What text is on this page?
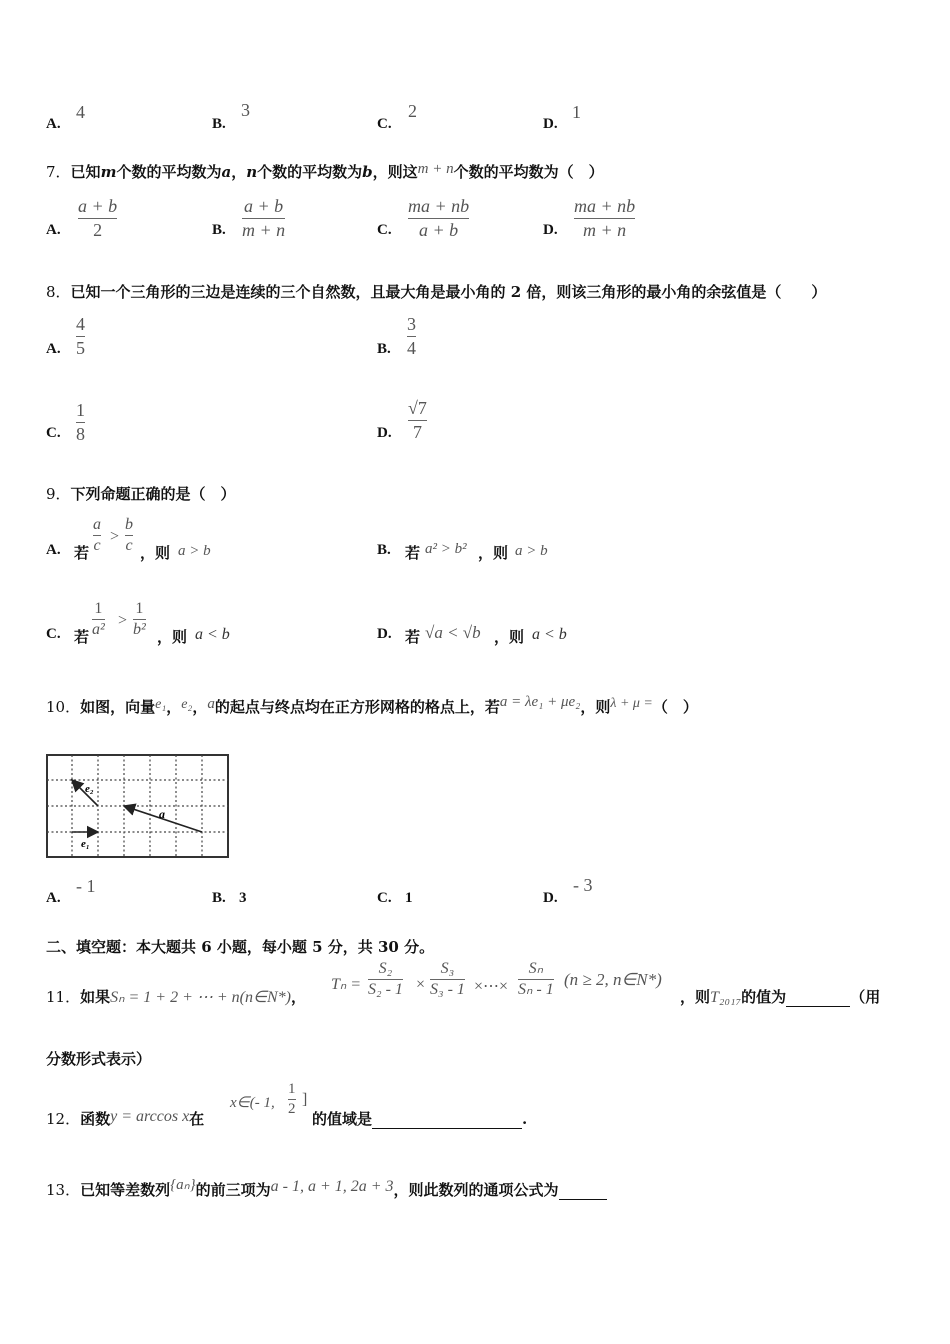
A.
4
B.
3
C.
2
D.
1
7．已知m个数的平均数为a，n个数的平均数为b，则这m + n个数的平均数为（　）
A.
a + b
2	B.
a + b
m + n	C.
ma + nb
a + b	D.
ma + nb
m + n
8．已知一个三角形的三边是连续的三个自然数，且最大角是最小角的 2 倍，则该三角形的最小角的余弦值是（　　）
A.
4
5	B.
3
4
C.
1
8	D.
√7
7
9．下列命题正确的是（　）
A. 若
a
c
>
b
c ，则 a > b	B. 若 a² > b² ，则 a > b
C. 若
1
a²
>
1
b² ，则 a < b	D. 若 √a < √b ，则 a < b
10．如图，向量e₁，e₂，a的起点与终点均在正方形网格的格点上，若a = λe₁ + μe₂，则λ + μ =（　）
e₂
a
e₁
A.
- 1
B. 3	C. 1	D.
- 3
二、填空题：本大题共 6 小题，每小题 5 分，共 30 分。
11．如果Sₙ = 1 + 2 + ⋯ + n(n∈N*)，
Tₙ =
S₂
S₂ - 1 ×
S₃
S₃ - 1 ×⋯×
Sₙ
Sₙ - 1
(n ≥ 2, n∈N*)
，则T₂₀₁₇的值为	（用
分数形式表示）
12．函数y = arccos x在
x∈(- 1,
1
2
]
的值域是	.
13．已知等差数列{aₙ}的前三项为a - 1, a + 1, 2a + 3，则此数列的通项公式为
